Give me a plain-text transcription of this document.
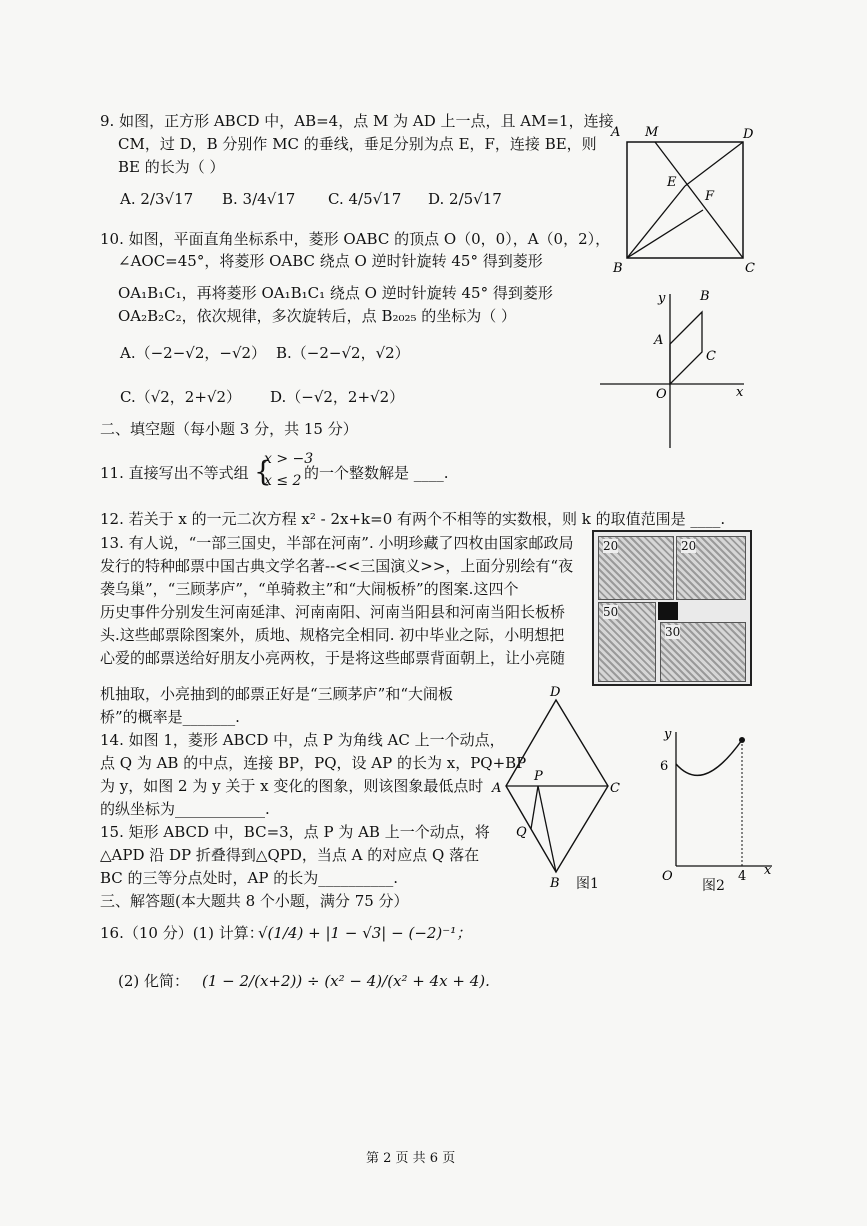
9. 如图，正方形 ABCD 中，AB=4，点 M 为 AD 上一点，且 AM=1，连接
CM，过 D，B 分别作 MC 的垂线，垂足分别为点 E，F，连接 BE，则
BE 的长为（ ）
A. 2/3√17 B. 3/4√17 C. 4/5√17 D. 2/5√17
A M	D
E
F
B	C
10. 如图，平面直角坐标系中，菱形 OABC 的顶点 O（0，0），A（0，2），
∠AOC=45°，将菱形 OABC 绕点 O 逆时针旋转 45° 得到菱形
OA₁B₁C₁，再将菱形 OA₁B₁C₁ 绕点 O 逆时针旋转 45° 得到菱形
OA₂B₂C₂，依次规律，多次旋转后，点 B₂₀₂₅ 的坐标为（ ）
A.（−2−√2，−√2） B.（−2−√2，√2）
C.（√2，2+√2） D.（−√2，2+√2）
y	B
A
C
O	x
二、填空题（每小题 3 分，共 15 分）
11. 直接写出不等式组 {
x > −3
x ≤ 2 的一个整数解是 ____.
12. 若关于 x 的一元二次方程 x² - 2x+k=0 有两个不相等的实数根，则 k 的取值范围是 ____.
13. 有人说，“一部三国史，半部在河南”. 小明珍藏了四枚由国家邮政局
发行的特种邮票中国古典文学名著--<<三国演义>>，上面分别绘有“夜
袭乌巢”，“三顾茅庐”，“单骑救主”和“大闹板桥”的图案.这四个
历史事件分别发生河南延津、河南南阳、河南当阳县和河南当阳长板桥
头.这些邮票除图案外，质地、规格完全相同. 初中毕业之际，小明想把
心爱的邮票送给好朋友小亮两枚，于是将这些邮票背面朝上，让小亮随
机抽取，小亮抽到的邮票正好是“三顾茅庐”和“大闹板
桥”的概率是_______.
20	20
50
30
14. 如图 1，菱形 ABCD 中，点 P 为角线 AC 上一个动点，
点 Q 为 AB 的中点，连接 BP，PQ，设 AP 的长为 x，PQ+BP
为 y，如图 2 为 y 关于 x 变化的图象，则该图象最低点时
的纵坐标为____________.
15. 矩形 ABCD 中，BC=3，点 P 为 AB 上一个动点，将
△APD 沿 DP 折叠得到△QPD，当点 A 的对应点 Q 落在
BC 的三等分点处时，AP 的长为__________.
D
P
A	C
Q
B 图1
y
6
O	4 x
图2
三、解答题(本大题共 8 个小题，满分 75 分）
16.（10 分）(1) 计算：
√(1/4) + |1 − √3| − (−2)⁻¹；
(2) 化简： (1 − 2/(x+2)) ÷ (x² − 4)/(x² + 4x + 4).
第 2 页 共 6 页
